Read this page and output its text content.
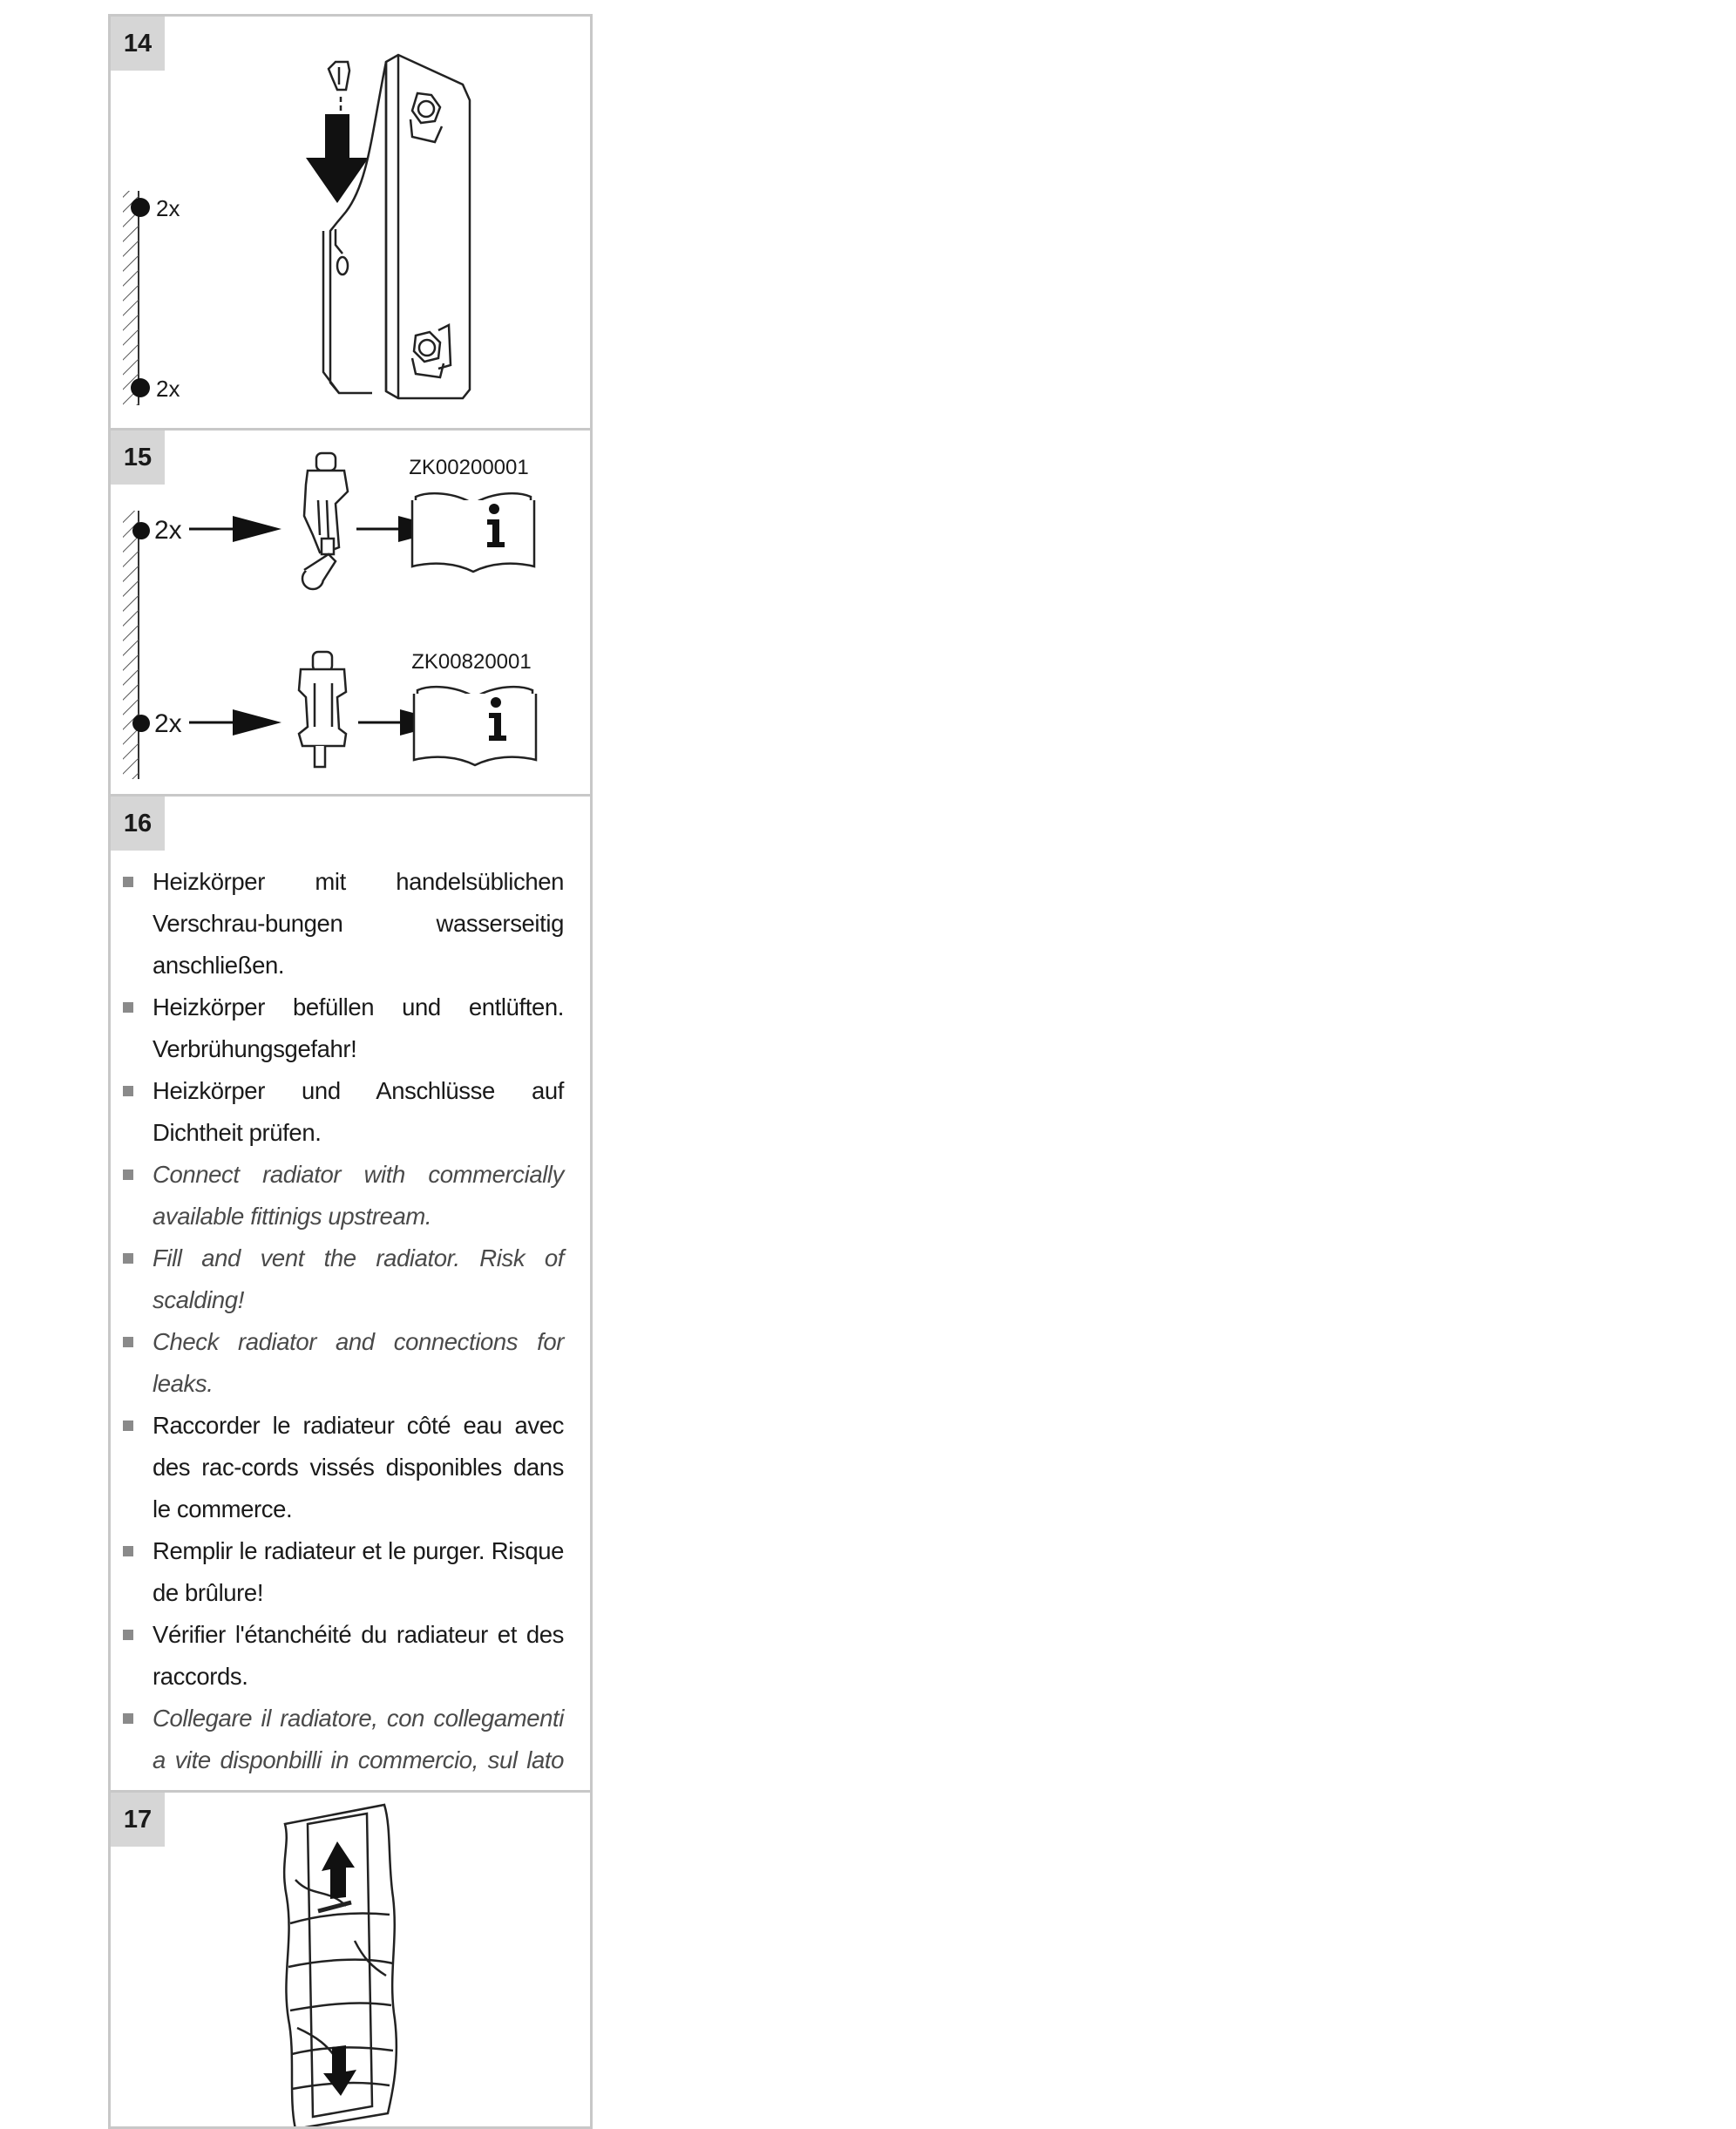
14
2x
2x
15
2x
ZK00200001
2x
ZK00820001
16
Heizkörper mit handelsüblichen Verschrau-bungen wasserseitig anschließen.
Heizkörper befüllen und entlüften. Verbrühungsgefahr!
Heizkörper und Anschlüsse auf Dichtheit prüfen.
Connect radiator with commercially available fittinigs upstream.
Fill and vent the radiator. Risk of scalding!
Check radiator and connections for leaks.
Raccorder le radiateur côté eau avec des rac-cords vissés disponibles dans le commerce.
Remplir le radiateur et le purger. Risque de brûlure!
Vérifier l'étanchéité du radiateur et des raccords.
Collegare il radiatore, con collegamenti a vite disponbilli in commercio, sul lato
17
